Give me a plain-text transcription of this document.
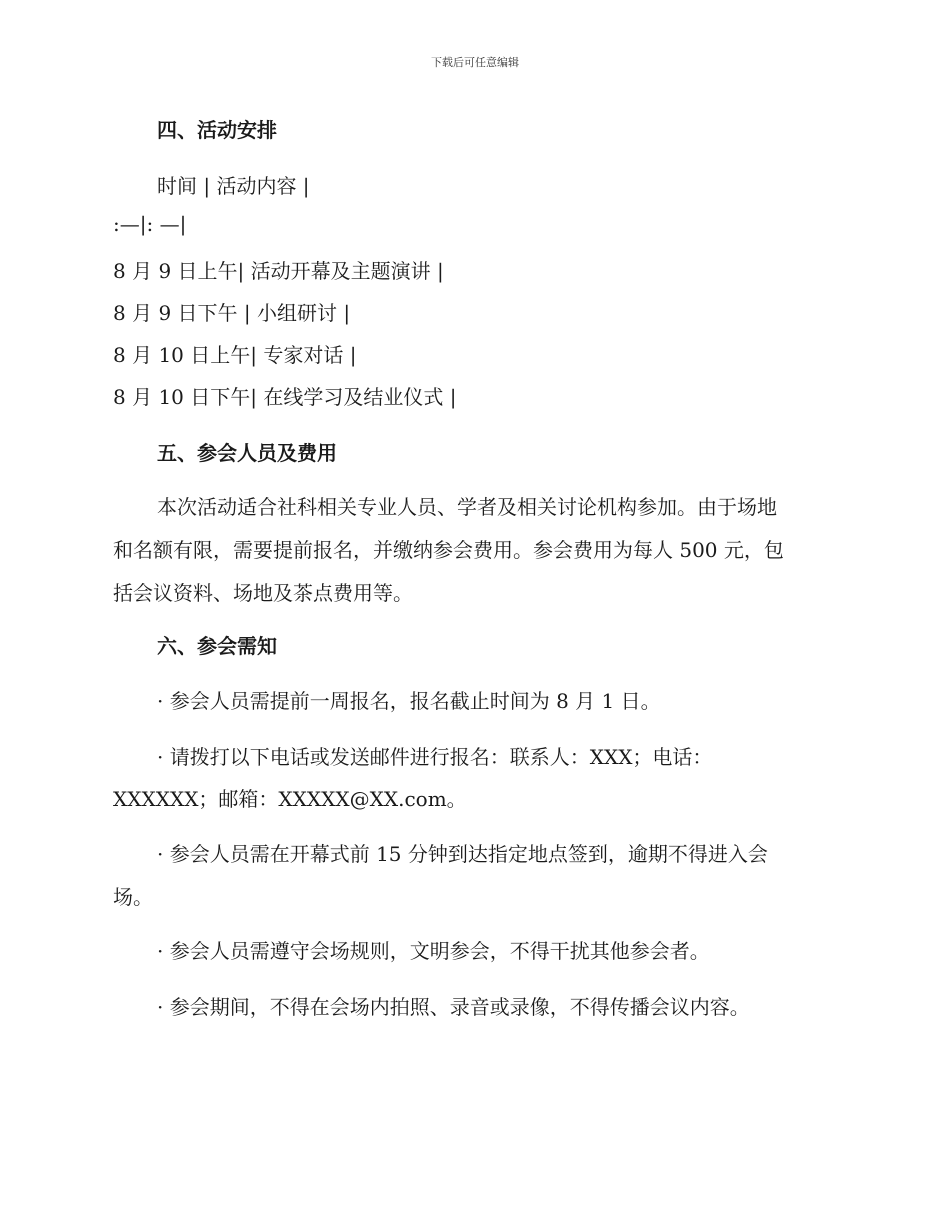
下载后可任意编辑
四、活动安排
时间 | 活动内容 |
:—|: —|
8 月 9 日上午| 活动开幕及主题演讲 |
8 月 9 日下午 | 小组研讨 |
8 月 10 日上午| 专家对话 |
8 月 10 日下午| 在线学习及结业仪式 |
五、参会人员及费用
本次活动适合社科相关专业人员、学者及相关讨论机构参加。由于场地
和名额有限，需要提前报名，并缴纳参会费用。参会费用为每人 500 元，包
括会议资料、场地及茶点费用等。
六、参会需知
· 参会人员需提前一周报名，报名截止时间为 8 月 1 日。
· 请拨打以下电话或发送邮件进行报名：联系人：XXX；电话：
XXXXXX；邮箱：XXXXX@XX.com。
· 参会人员需在开幕式前 15 分钟到达指定地点签到，逾期不得进入会
场。
· 参会人员需遵守会场规则，文明参会，不得干扰其他参会者。
· 参会期间，不得在会场内拍照、录音或录像，不得传播会议内容。
